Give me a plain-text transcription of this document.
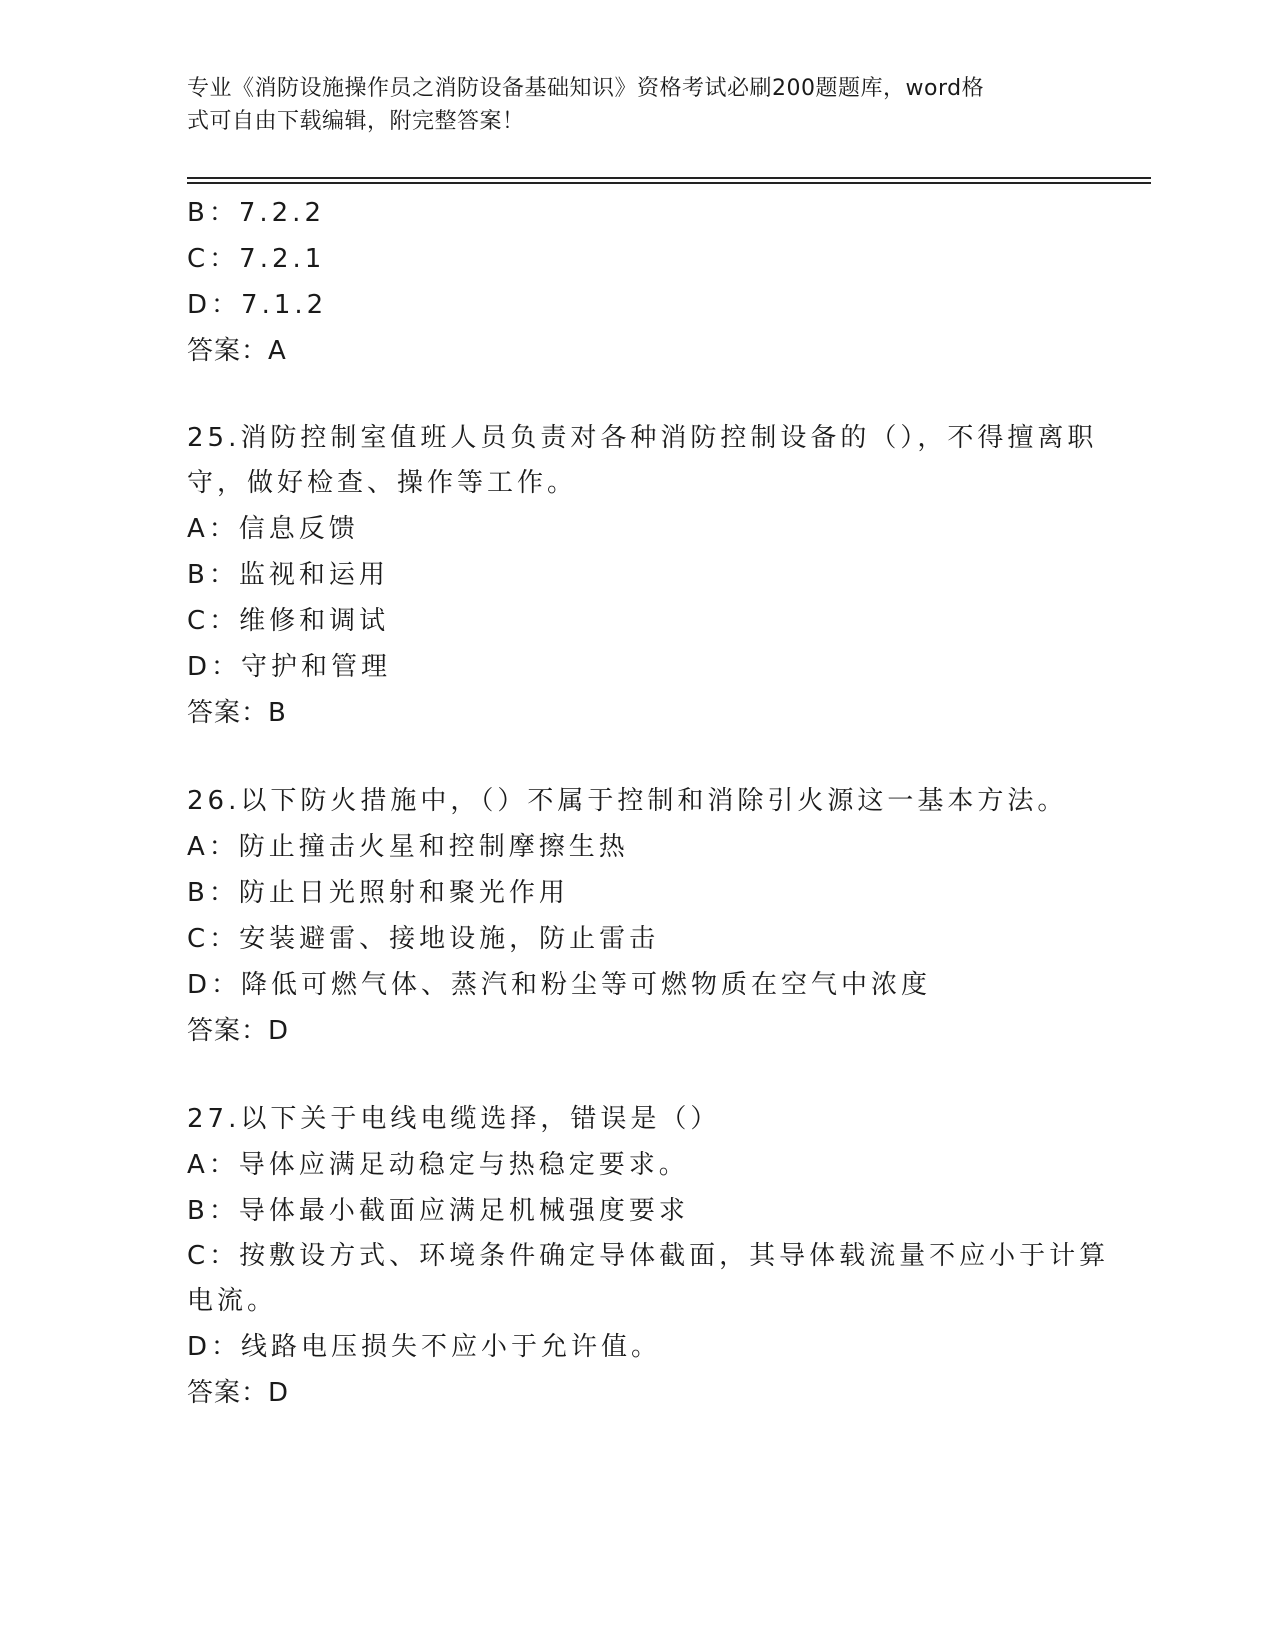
专业《消防设施操作员之消防设备基础知识》资格考试必刷200题题库，word格
式可自由下载编辑，附完整答案！
B：7.2.2
C：7.2.1
D：7.1.2
答案：A
25.消防控制室值班人员负责对各种消防控制设备的（），不得擅离职
守，做好检查、操作等工作。
A：信息反馈
B：监视和运用
C：维修和调试
D：守护和管理
答案：B
26.以下防火措施中，（）不属于控制和消除引火源这一基本方法。
A：防止撞击火星和控制摩擦生热
B：防止日光照射和聚光作用
C：安装避雷、接地设施，防止雷击
D：降低可燃气体、蒸汽和粉尘等可燃物质在空气中浓度
答案：D
27.以下关于电线电缆选择，错误是（）
A：导体应满足动稳定与热稳定要求。
B：导体最小截面应满足机械强度要求
C：按敷设方式、环境条件确定导体截面，其导体载流量不应小于计算
电流。
D：线路电压损失不应小于允许值。
答案：D
